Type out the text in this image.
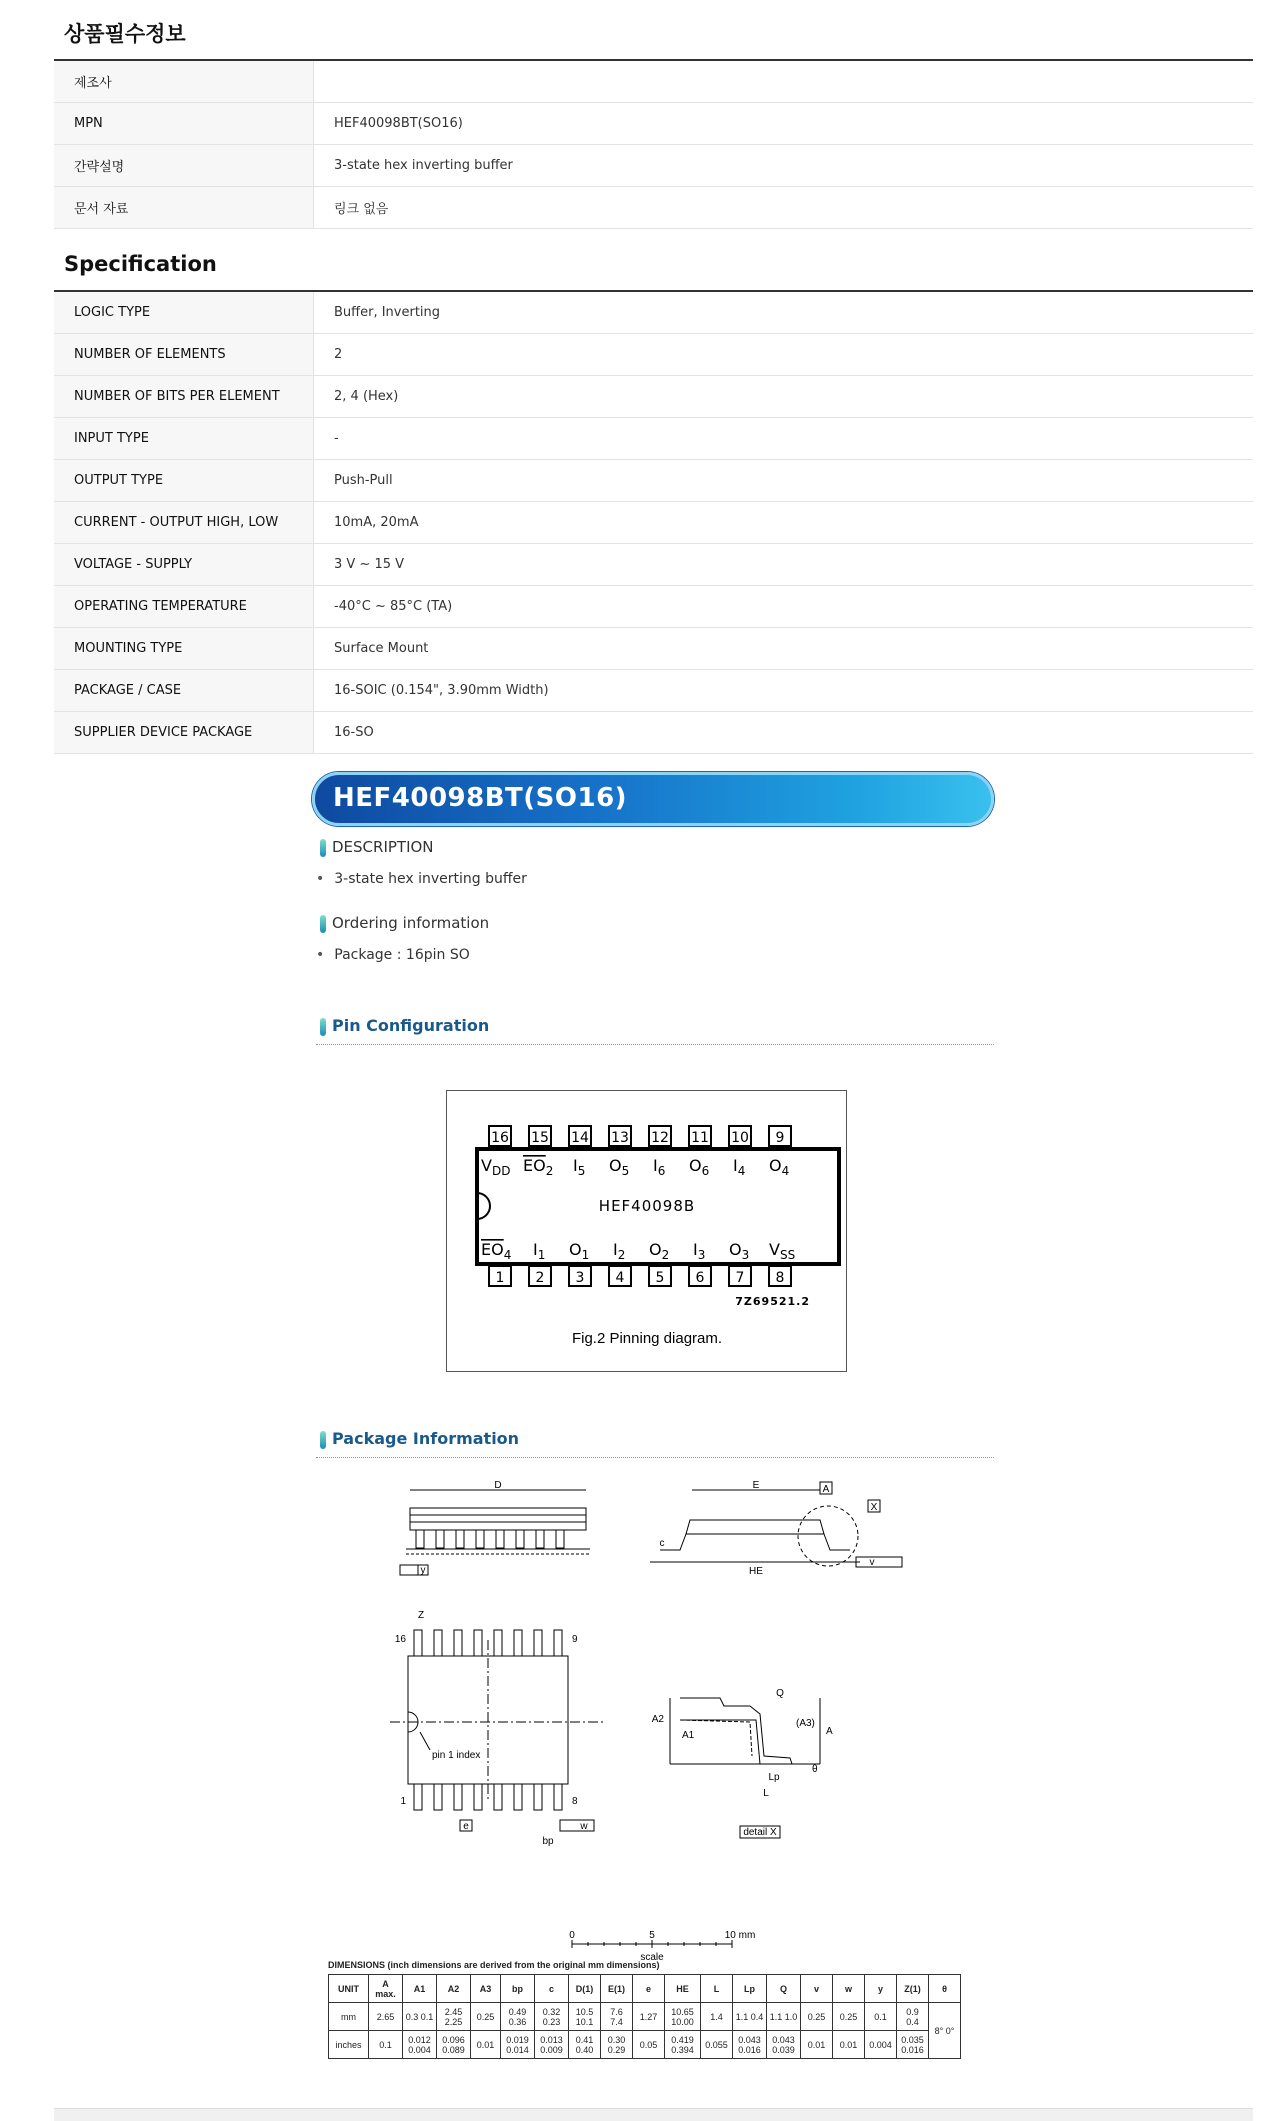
상품필수정보
제조사
MPN	HEF40098BT(SO16)
간략설명	3-state hex inverting buffer
문서 자료	링크 없음
Specification
LOGIC TYPE	Buffer, Inverting
NUMBER OF ELEMENTS	2
NUMBER OF BITS PER ELEMENT	2, 4 (Hex)
INPUT TYPE	-
OUTPUT TYPE	Push-Pull
CURRENT - OUTPUT HIGH, LOW	10mA, 20mA
VOLTAGE - SUPPLY	3 V ~ 15 V
OPERATING TEMPERATURE	-40°C ~ 85°C (TA)
MOUNTING TYPE	Surface Mount
PACKAGE / CASE	16-SOIC (0.154", 3.90mm Width)
SUPPLIER DEVICE PACKAGE	16-SO
HEF40098BT(SO16)
DESCRIPTION
• 3-state hex inverting buffer
Ordering information
• Package : 16pin SO
Pin Configuration
16 15 14 13 12 11 10 9
$V_{DD}$ $EO_2$ $I_5$ $O_5$ $I_6$ $O_6$ $I_4$ $O_4$
$EO_4$ $I_1$ $O_1$ $I_2$ $O_2$ $I_3$ $O_3$ $V_{SS}$
HEF40098B
1 2 3 4 5 6 7 8
7Z69521.2
Fig.2 Pinning diagram.
Package Information
D
y
E	A
X
HE
c
v
Z
16	9
1	8
pin 1 index
e
bp
w
A2
A1
(A3)
A
Q
Lp
L
θ
detail X
0	5	10 mm
scale
DIMENSIONS (inch dimensions are derived from the original mm dimensions)
UNIT	A max.	A1	A2	A3	bp	c	D(1)	E(1)	e	HE	L	Lp	Q	v	w	y	Z(1)	θ
mm	2.65	0.3 0.1	2.45 2.25	0.25	0.49 0.36	0.32 0.23	10.5 10.1	7.6 7.4	1.27	10.65 10.00	1.4	1.1 0.4	1.1 1.0	0.25	0.25	0.1	0.9 0.4	8° 0°
inches	0.1	0.012 0.004	0.096 0.089	0.01	0.019 0.014	0.013 0.009	0.41 0.40	0.30 0.29	0.05	0.419 0.394	0.055	0.043 0.016	0.043 0.039	0.01	0.01	0.004	0.035 0.016	
